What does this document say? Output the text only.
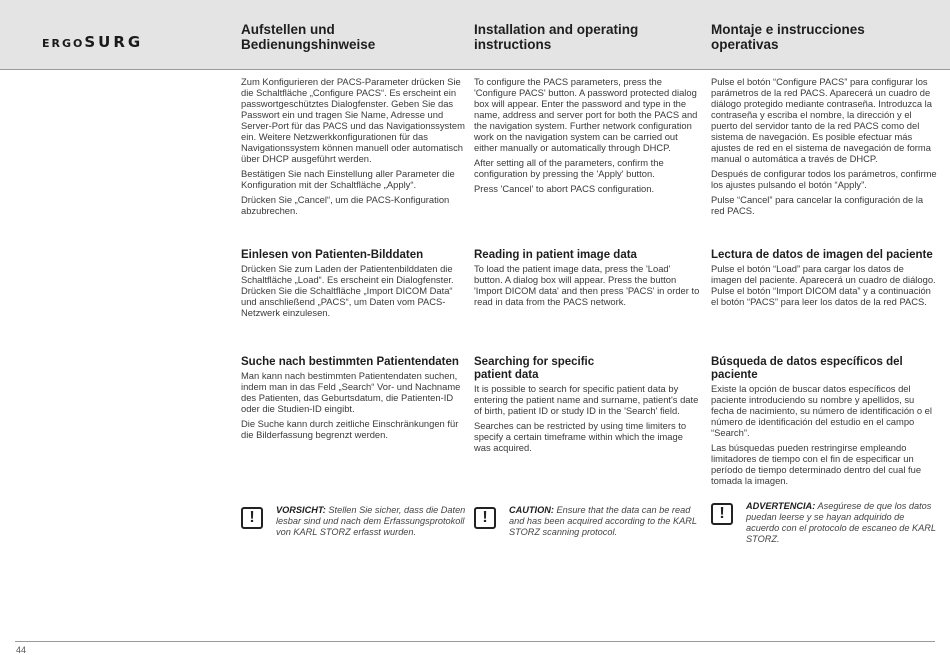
ERGOSURG
Aufstellen und Bedienungshinweise
Installation and operating instructions
Montaje e instrucciones operativas

Zum Konfigurieren der PACS-Parameter drücken Sie die Schaltfläche „Configure PACS“. Es erscheint ein passwortgeschütztes Dialogfenster. Geben Sie das Passwort ein und tragen Sie Name, Adresse und Server-Port für das PACS und das Navigationssystem ein. Weitere Netzwerkkonfigurationen für das Navigationssystem können manuell oder automatisch über DHCP ausgeführt werden.

Bestätigen Sie nach Einstellung aller Parameter die Konfiguration mit der Schaltfläche „Apply“.

Drücken Sie „Cancel“, um die PACS-Konfiguration abzubrechen.

Einlesen von Patienten-Bilddaten

Drücken Sie zum Laden der Patientenbilddaten die Schaltfläche „Load“. Es erscheint ein Dialogfenster. Drücken Sie die Schaltfläche „Import DICOM Data“ und anschließend „PACS“, um Daten vom PACS-Netzwerk einzulesen.

Suche nach bestimmten Patientendaten

Man kann nach bestimmten Patientendaten suchen, indem man in das Feld „Search“ Vor- und Nachname des Patienten, das Geburtsdatum, die Patienten-ID oder die Studien-ID eingibt.

Die Suche kann durch zeitliche Einschränkungen für die Bilderfassung begrenzt werden.

!	VORSICHT: Stellen Sie sicher, dass die Daten lesbar sind und nach dem Erfassungsprotokoll von KARL STORZ erfasst wurden.

To configure the PACS parameters, press the 'Configure PACS' button. A password protected dialog box will appear. Enter the password and type in the name, address and server port for both the PACS and the navigation system. Further network configuration work on the navigation system can be carried out either manually or automatically through DHCP.

After setting all of the parameters, confirm the configuration by pressing the 'Apply' button.

Press 'Cancel' to abort PACS configuration.

Reading in patient image data

To load the patient image data, press the 'Load' button. A dialog box will appear. Press the button 'Import DICOM data' and then press 'PACS' in order to read in data from the PACS network.

Searching for specific patient data

It is possible to search for specific patient data by entering the patient name and surname, patient's date of birth, patient ID or study ID in the 'Search' field.

Searches can be restricted by using time limiters to specify a certain timeframe within which the image was acquired.

!	CAUTION: Ensure that the data can be read and has been acquired according to the KARL STORZ scanning protocol.

Pulse el botón “Configure PACS” para configurar los parámetros de la red PACS. Aparecerá un cuadro de diálogo protegido mediante contraseña. Introduzca la contraseña y escriba el nombre, la dirección y el puerto del servidor tanto de la red PACS como del sistema de navegación. Es posible efectuar más ajustes de red en el sistema de navegación de forma manual o automática a través de DHCP.

Después de configurar todos los parámetros, confirme los ajustes pulsando el botón “Apply”.

Pulse “Cancel” para cancelar la configuración de la red PACS.

Lectura de datos de imagen del paciente

Pulse el botón “Load” para cargar los datos de imagen del paciente. Aparecerá un cuadro de diálogo. Pulse el botón “Import DICOM data” y a continuación el botón “PACS” para leer los datos de la red PACS.

Búsqueda de datos específicos del paciente

Existe la opción de buscar datos específicos del paciente introduciendo su nombre y apellidos, su fecha de nacimiento, su número de identificación o el número de identificación del estudio en el campo “Search”.

Las búsquedas pueden restringirse empleando limitadores de tiempo con el fin de especificar un período de tiempo determinado dentro del cual fue tomada la imagen.

!	ADVERTENCIA: Asegúrese de que los datos puedan leerse y se hayan adquirido de acuerdo con el protocolo de escaneo de KARL STORZ.
44
